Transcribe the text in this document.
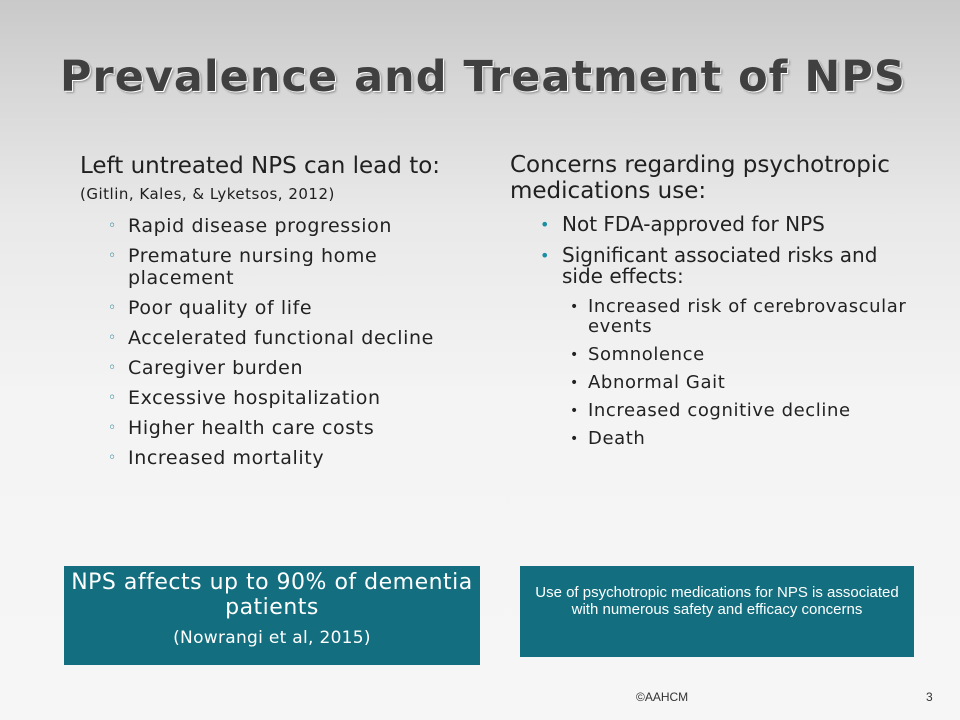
Prevalence and Treatment of NPS

Left untreated NPS can lead to: (Gitlin, Kales, & Lyketsos, 2012)

◦ Rapid disease progression
◦ Premature nursing home placement
◦ Poor quality of life
◦ Accelerated functional decline
◦ Caregiver burden
◦ Excessive hospitalization
◦ Higher health care costs
◦ Increased mortality

Concerns regarding psychotropic medications use:

• Not FDA-approved for NPS
• Significant associated risks and side effects:
• Increased risk of cerebrovascular events
• Somnolence
• Abnormal Gait
• Increased cognitive decline
• Death
NPS affects up to 90% of dementia patients
(Nowrangi et al, 2015)
Use of psychotropic medications for NPS is associated with numerous safety and efficacy concerns
©AAHCM	3
